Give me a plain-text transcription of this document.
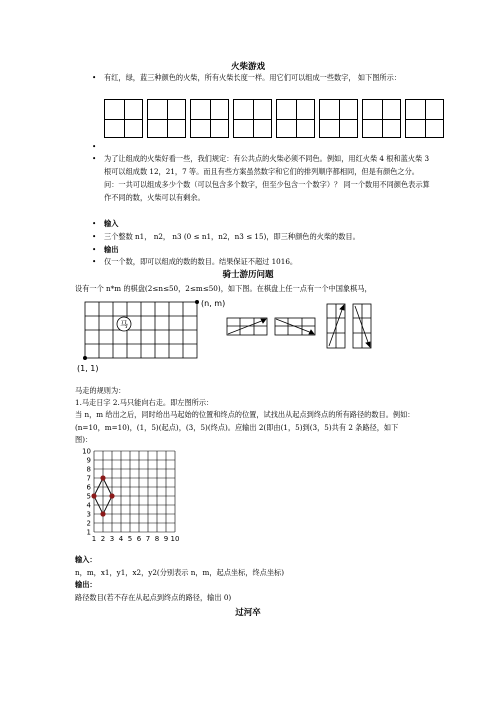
火柴游戏
• 有红，绿，蓝三种颜色的火柴，所有火柴长度一样。用它们可以组成一些数字， 如下图所示：
•
• 为了让组成的火柴好看一些，我们规定：有公共点的火柴必须不同色。例如，用红火柴 4 根和蓝火柴 3 根可以组成数 12，21，7 等。而且有些方案虽然数字和它们的排列顺序都相同，但是有颜色之分。问：一共可以组成多少个数（可以包含多个数字，但至少包含一个数字）？ 同一个数用不同颜色表示算作不同的数，火柴可以有剩余。
• 输入
• 三个整数 n1， n2， n3 (0 ≤ n1，n2，n3 ≤ 15)，即三种颜色的火柴的数目。
• 输出
• 仅一个数，即可以组成的数的数目。结果保证不超过 1016。
骑士游历问题
设有一个 n*m 的棋盘(2≤n≤50，2≤m≤50)，如下图。在棋盘上任一点有一个中国象棋马，
马
(n, m)
(1, 1)
马走的规则为：
1.马走日字 2.马只能向右走。即左图所示：
当 n，m 给出之后，同时给出马起始的位置和终点的位置，试找出从起点到终点的所有路径的数目。例如：(n=10，m=10)，(1，5)(起点)，(3，5)(终点)。应输出 2(即由(1，5)到(3，5)共有 2 条路径，如下图)：
1
2
3
4
5
6
7
8
9
10
1 2 3 4 5 6 7 8 9 10
输入：
n，m，x1，y1，x2，y2(分别表示 n，m，起点坐标，终点坐标)
输出：
路径数目(若不存在从起点到终点的路径，输出 0)
过河卒
